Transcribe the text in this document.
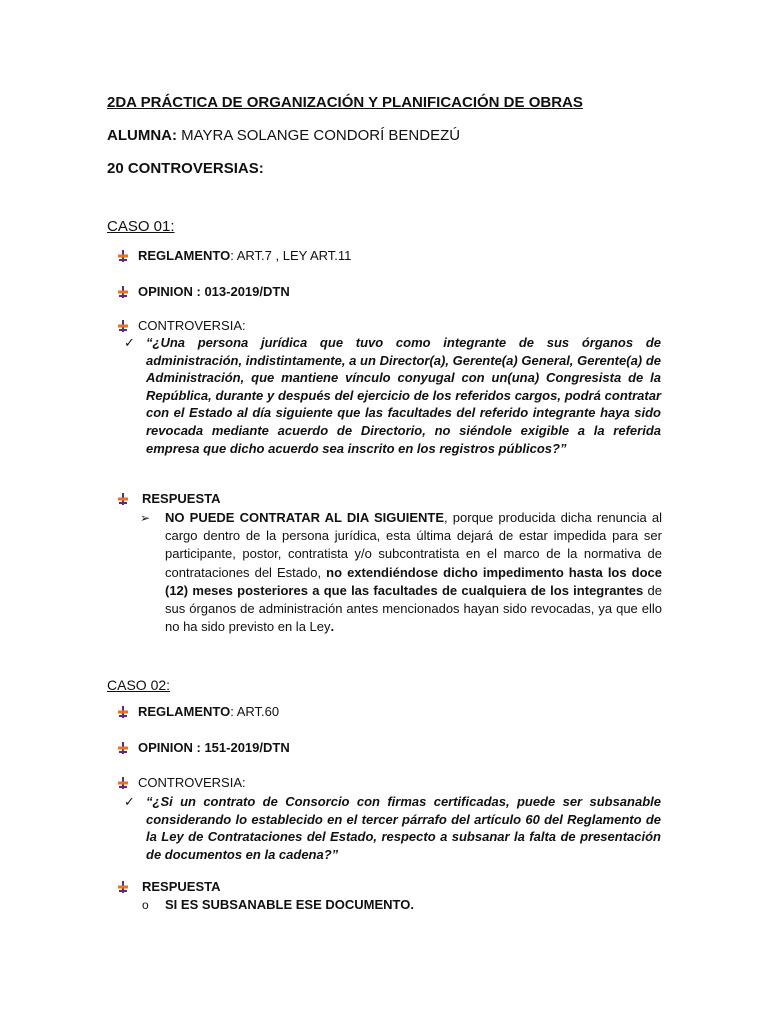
2DA PRÁCTICA DE ORGANIZACIÓN Y PLANIFICACIÓN DE OBRAS
ALUMNA: MAYRA SOLANGE CONDORÍ BENDEZÚ
20 CONTROVERSIAS:
CASO 01:
REGLAMENTO : ART.7 , LEY ART.11
OPINION : 013-2019/DTN
CONTROVERSIA:
✓ “¿Una persona jurídica que tuvo como integrante de sus órganos de administración, indistintamente, a un Director(a), Gerente(a) General, Gerente(a) de Administración, que mantiene vínculo conyugal con un(una) Congresista de la República, durante y después del ejercicio de los referidos cargos, podrá contratar con el Estado al día siguiente que las facultades del referido integrante haya sido revocada mediante acuerdo de Directorio, no siéndole exigible a la referida empresa que dicho acuerdo sea inscrito en los registros públicos?”
RESPUESTA
➢ NO PUEDE CONTRATAR AL DIA SIGUIENTE, porque producida dicha renuncia al cargo dentro de la persona jurídica, esta última dejará de estar impedida para ser participante, postor, contratista y/o subcontratista en el marco de la normativa de contrataciones del Estado, no extendiéndose dicho impedimento hasta los doce (12) meses posteriores a que las facultades de cualquiera de los integrantes de sus órganos de administración antes mencionados hayan sido revocadas, ya que ello no ha sido previsto en la Ley.
CASO 02:
REGLAMENTO : ART.60
OPINION : 151-2019/DTN
CONTROVERSIA:
✓ “¿Si un contrato de Consorcio con firmas certificadas, puede ser subsanable considerando lo establecido en el tercer párrafo del artículo 60 del Reglamento de la Ley de Contrataciones del Estado, respecto a subsanar la falta de presentación de documentos en la cadena?”
RESPUESTA
o SI ES SUBSANABLE ESE DOCUMENTO.
